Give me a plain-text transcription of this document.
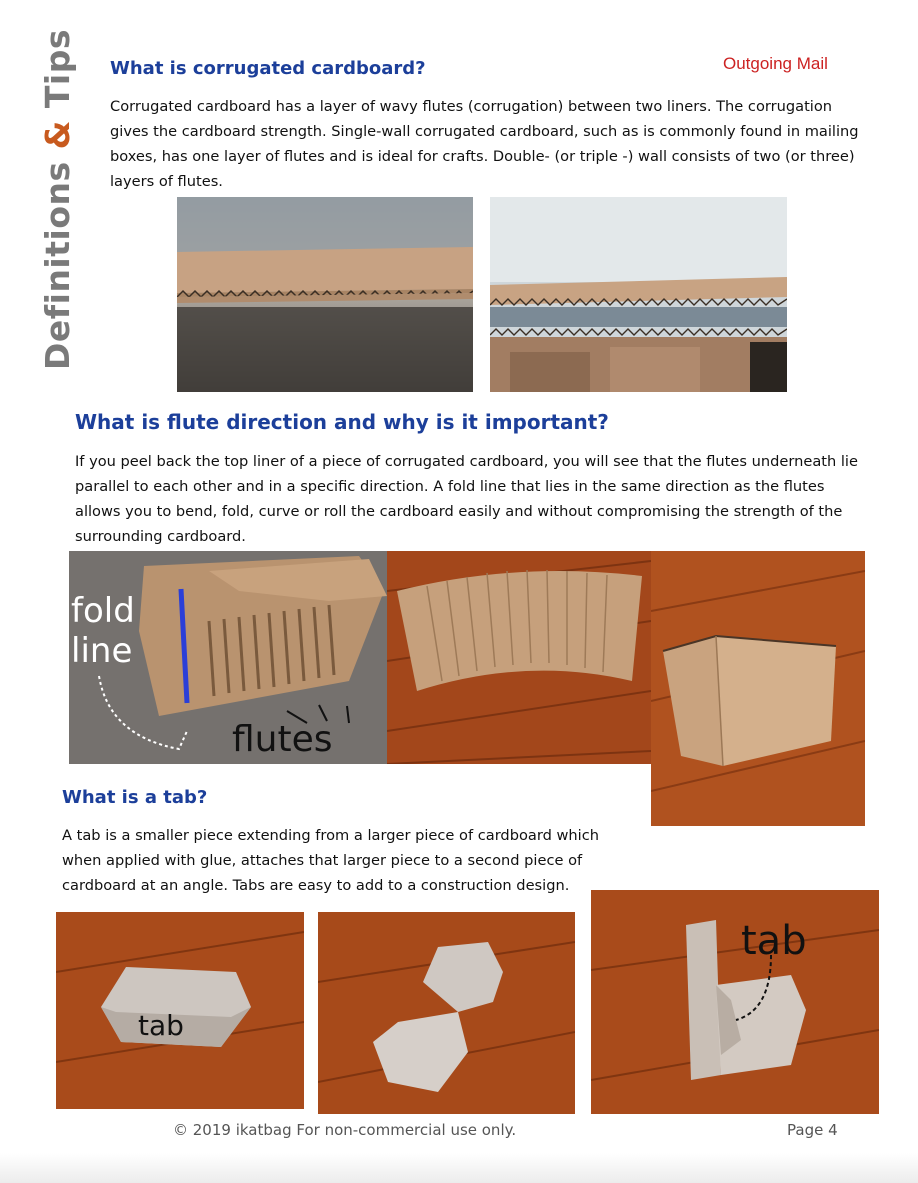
Definitions & Tips	Outgoing Mail
What is corrugated cardboard?
Corrugated cardboard has a layer of wavy flutes (corrugation) between two liners. The corrugation gives the cardboard strength. Single-wall corrugated cardboard, such as is commonly found in mailing boxes, has one layer of flutes and is ideal for crafts. Double- (or triple -) wall consists of two (or three) layers of flutes.
What is flute direction and why is it important?
If you peel back the top liner of a piece of corrugated cardboard, you will see that the flutes underneath lie parallel to each other and in a specific direction. A fold line that lies in the same direction as the flutes allows you to bend, fold, curve or roll the cardboard easily and without compromising the strength of the surrounding cardboard.
fold
line
flutes
What is a tab?
A tab is a smaller piece extending from a larger piece of cardboard which when applied with glue, attaches that larger piece to a second piece of cardboard at an angle. Tabs are easy to add to a construction design.
tab
tab
© 2019 ikatbag For non-commercial use only.	Page 4
